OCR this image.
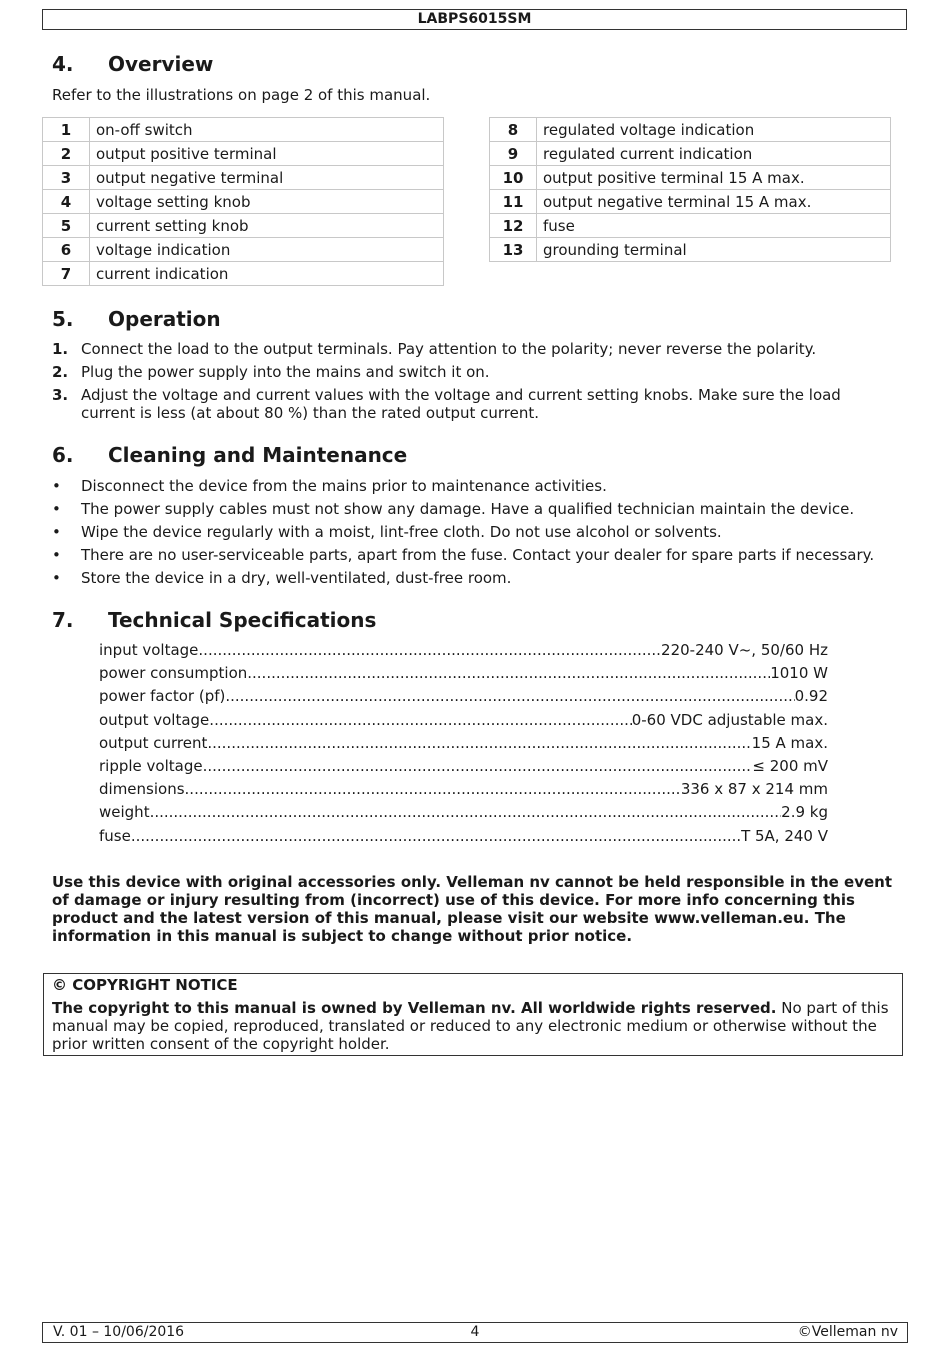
LABPS6015SM
4. Overview

Refer to the illustrations on page 2 of this manual.

1	on-off switch
2	output positive terminal
3	output negative terminal
4	voltage setting knob
5	current setting knob
6	voltage indication
7	current indication
8	regulated voltage indication
9	regulated current indication
10	output positive terminal 15 A max.
11	output negative terminal 15 A max.
12	fuse
13	grounding terminal
5. Operation
1. Connect the load to the output terminals. Pay attention to the polarity; never reverse the polarity.
2. Plug the power supply into the mains and switch it on.
3. Adjust the voltage and current values with the voltage and current setting knobs. Make sure the load current is less (at about 80 %) than the rated output current.
6. Cleaning and Maintenance
• Disconnect the device from the mains prior to maintenance activities.
• The power supply cables must not show any damage. Have a qualified technician maintain the device.
• Wipe the device regularly with a moist, lint-free cloth. Do not use alcohol or solvents.
• There are no user-serviceable parts, apart from the fuse. Contact your dealer for spare parts if necessary.
• Store the device in a dry, well-ventilated, dust-free room.
7. Technical Specifications
input voltage .....	220-240 V~, 50/60 Hz
power consumption .....	1010 W
power factor (pf) .....	0.92
output voltage .....	0-60 VDC adjustable max.
output current .....	15 A max.
ripple voltage .....	≤ 200 mV
dimensions .....	336 x 87 x 214 mm
weight .....	2.9 kg
fuse .....	T 5A, 240 V

Use this device with original accessories only. Velleman nv cannot be held responsible in the event of damage or injury resulting from (incorrect) use of this device. For more info concerning this product and the latest version of this manual, please visit our website www.velleman.eu. The information in this manual is subject to change without prior notice.

© COPYRIGHT NOTICE
The copyright to this manual is owned by Velleman nv. All worldwide rights reserved. No part of this manual may be copied, reproduced, translated or reduced to any electronic medium or otherwise without the prior written consent of the copyright holder.
V. 01 – 10/06/2016	4	©Velleman nv
